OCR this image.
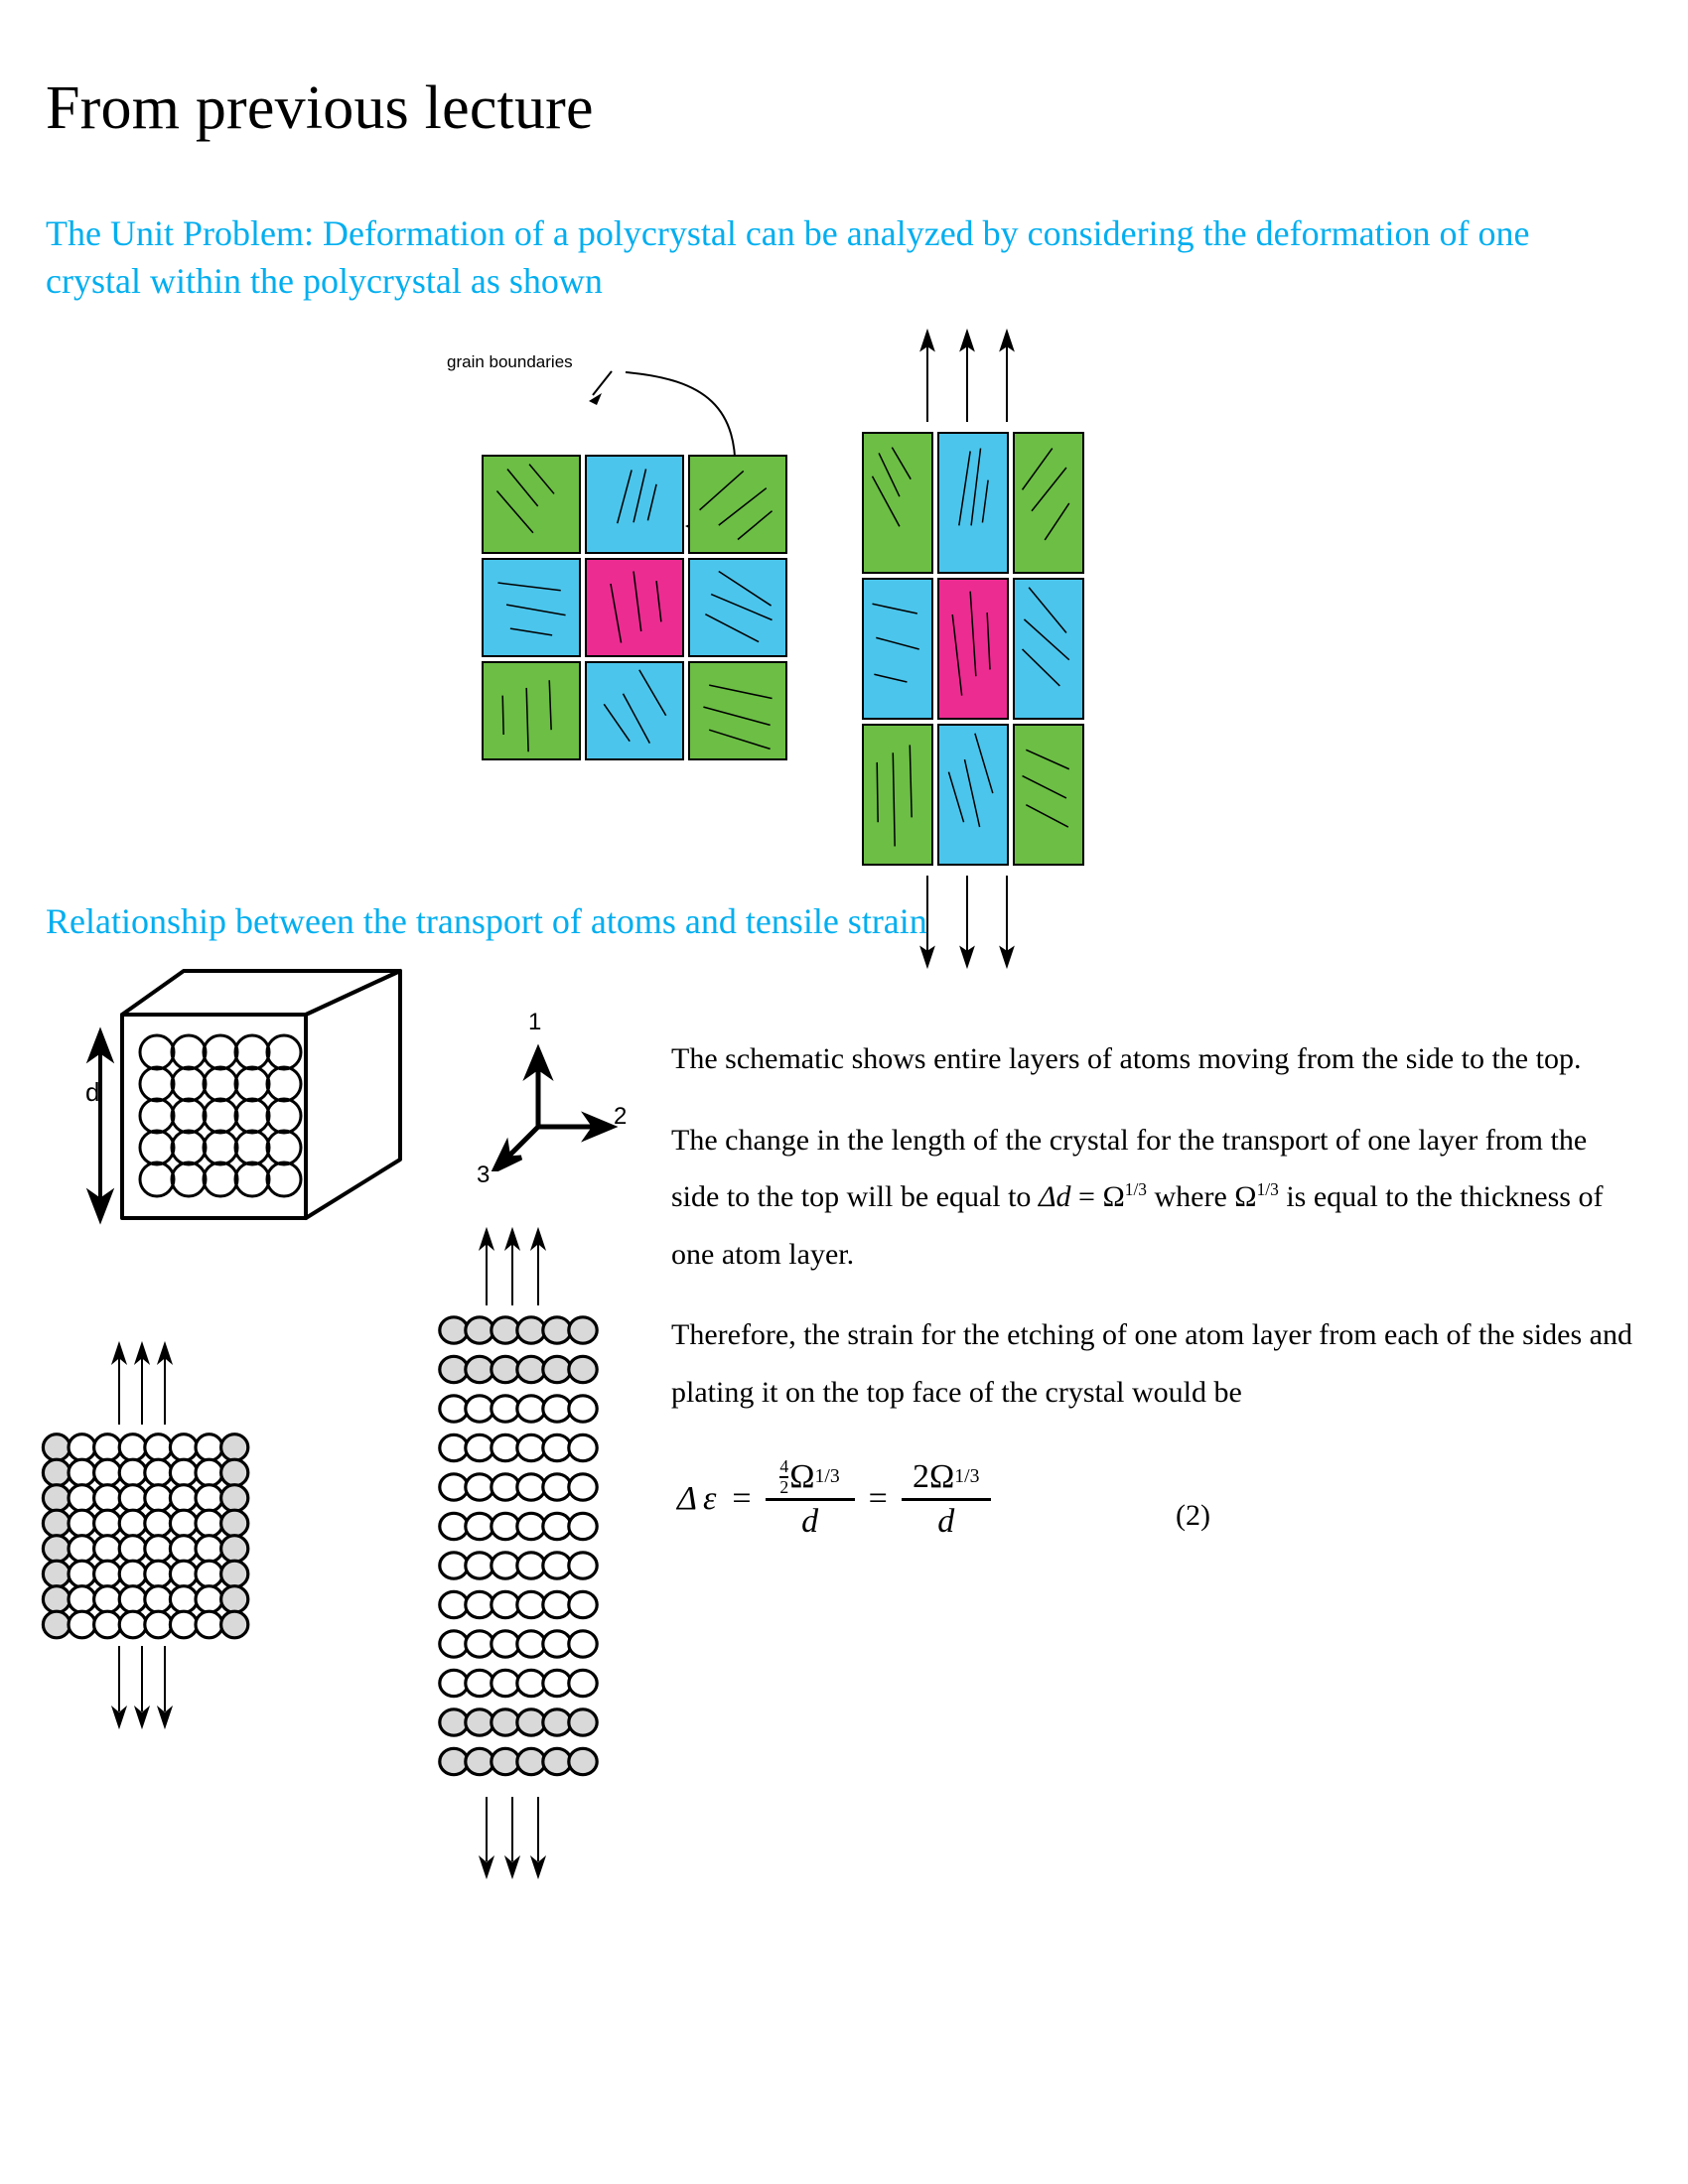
From previous lecture
The Unit Problem: Deformation of a polycrystal can be analyzed by considering the deformation of one crystal within the polycrystal as shown
grain boundaries
Relationship between the transport of atoms and tensile strain
d
1
2
3

The schematic shows entire layers of atoms moving from the side to the top.

The change in the length of the crystal for the transport of one layer from the side to the top will be equal to $\Delta d = \Omega^{1/3}$ where $\Omega^{1/3}$ is equal to the thickness of one atom layer.

Therefore, the strain for the etching of one atom layer from each of the sides and plating it on the top face of the crystal would be

Δ $\varepsilon = \frac{\frac{4}{2} \Omega 1/3}{d} = \frac{2 \Omega 1/3}{d}$	(2)
